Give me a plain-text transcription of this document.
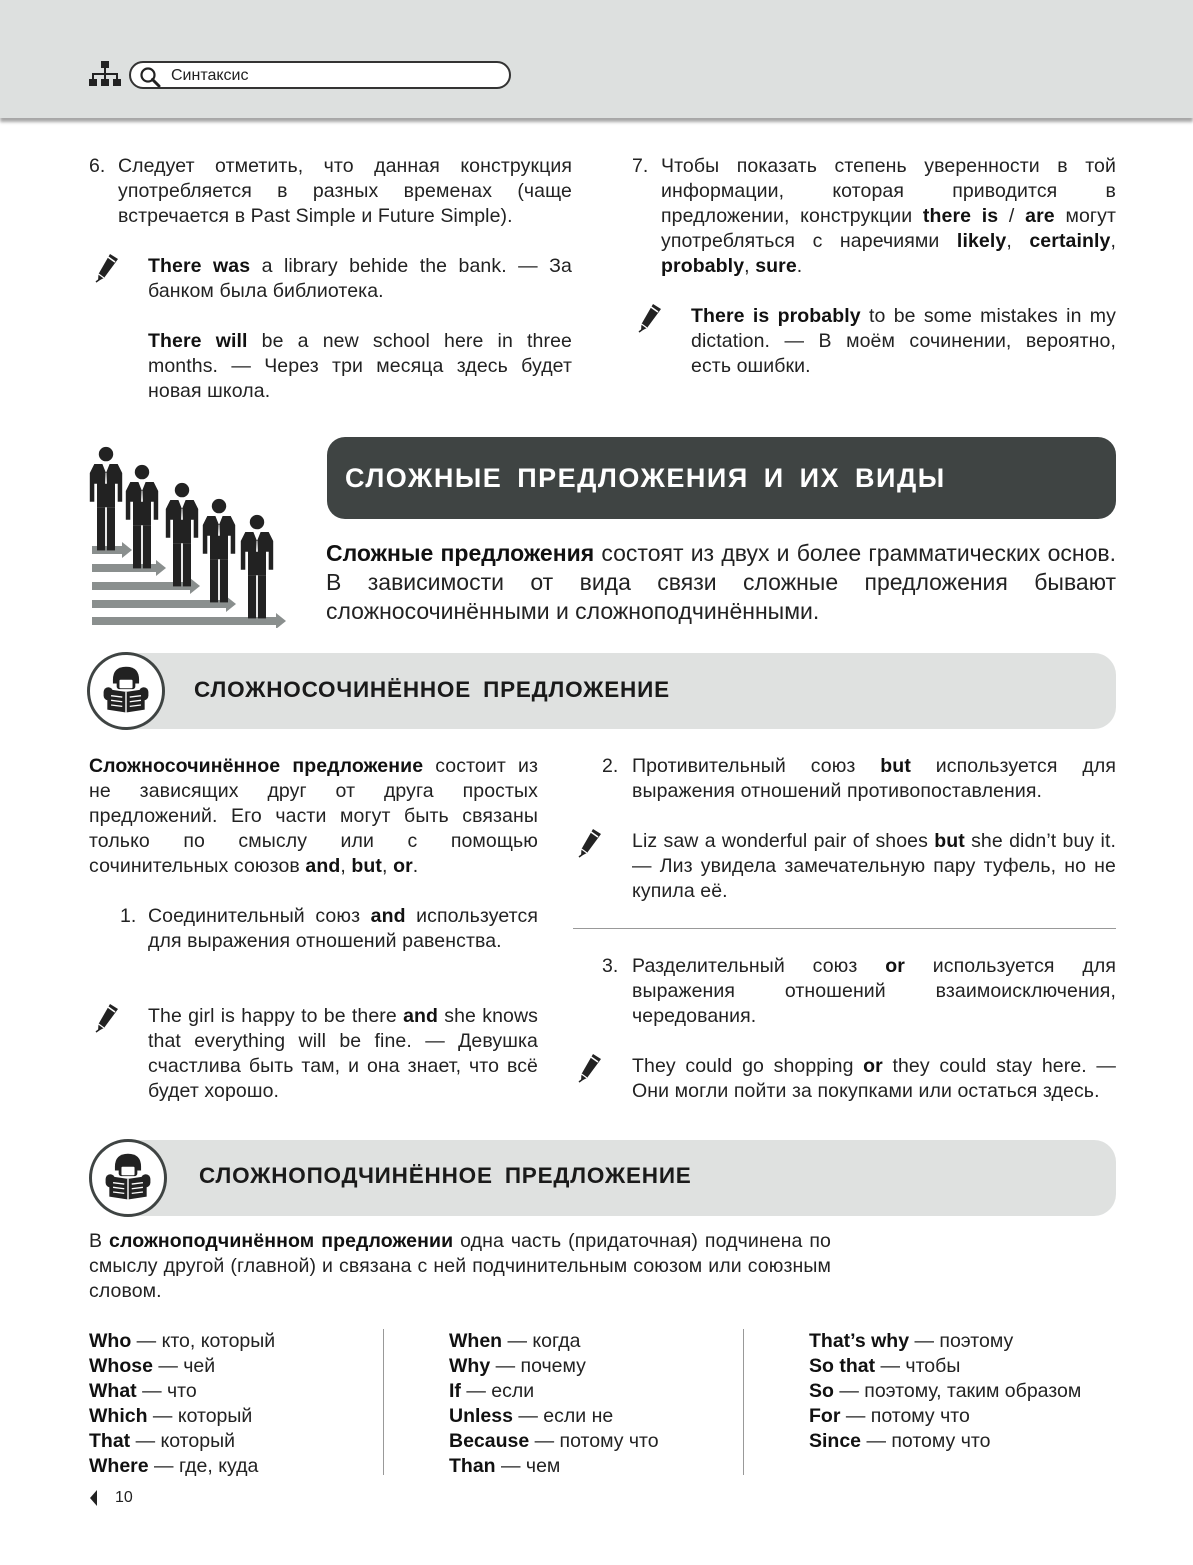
Синтаксис
6. Следует отметить, что данная конструкция употребляется в разных временах (чаще встречается в Past Simple и Future Simple).
There was a library behide the bank. — За банком была библиотека.
There will be a new school here in three months. — Через три месяца здесь будет новая школа.
7. Чтобы показать степень уверенности в той информации, которая приводится в предложении, конструкции there is / are могут употребляться с наречиями likely, certainly, probably, sure.
There is probably to be some mistakes in my dictation. — В моём сочинении, вероятно, есть ошибки.
СЛОЖНЫЕ ПРЕДЛОЖЕНИЯ И ИХ ВИДЫ
Сложные предложения состоят из двух и более грамматических основ. В зависимости от вида связи сложные предложения бывают сложносочинёнными и сложноподчинёнными.
СЛОЖНОСОЧИНЁННОЕ ПРЕДЛОЖЕНИЕ
Сложносочинённое предложение состоит из не зависящих друг от друга простых предложений. Его части могут быть связаны только по смыслу или с помощью сочинительных союзов and, but, or.
1. Соединительный союз and используется для выражения отношений равенства.
The girl is happy to be there and she knows that everything will be fine. — Девушка счастлива быть там, и она знает, что всё будет хорошо.
2. Противительный союз but используется для выражения отношений противопоставления.
Liz saw a wonderful pair of shoes but she didn’t buy it. — Лиз увидела замечательную пару туфель, но не купила её.
3. Разделительный союз or используется для выражения отношений взаимоисключения, чередования.
They could go shopping or they could stay here. — Они могли пойти за покупками или остаться здесь.
СЛОЖНОПОДЧИНЁННОЕ ПРЕДЛОЖЕНИЕ
В сложноподчинённом предложении одна часть (придаточная) подчинена по смыслу другой (главной) и связана с ней подчинительным союзом или союзным словом.
Who — кто, который
Whose — чей
What — что
Which — который
That — который
Where — где, куда
When — когда
Why — почему
If — если
Unless — если не
Because — потому что
Than — чем
That’s why — поэтому
So that — чтобы
So — поэтому, таким образом
For — потому что
Since — потому что
10
